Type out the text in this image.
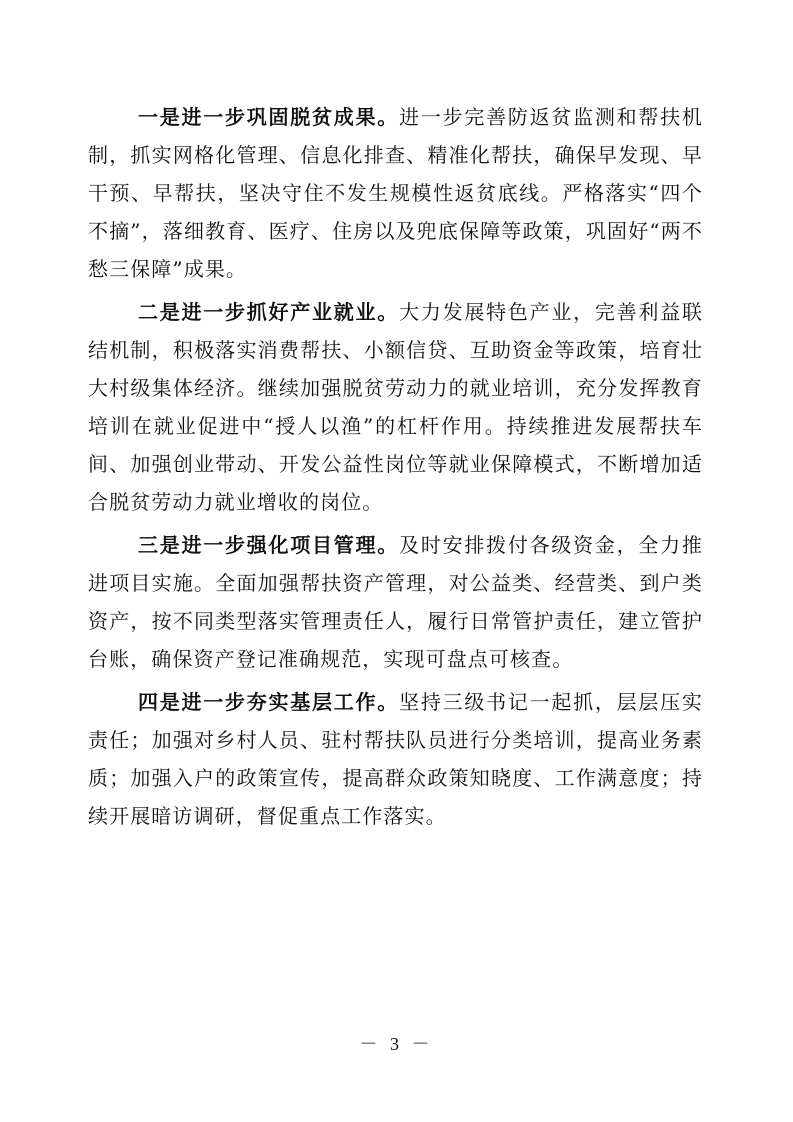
一是进一步巩固脱贫成果。进一步完善防返贫监测和帮扶机制，抓实网格化管理、信息化排查、精准化帮扶，确保早发现、早干预、早帮扶，坚决守住不发生规模性返贫底线。严格落实“四个不摘”，落细教育、医疗、住房以及兜底保障等政策，巩固好“两不愁三保障”成果。

二是进一步抓好产业就业。大力发展特色产业，完善利益联结机制，积极落实消费帮扶、小额信贷、互助资金等政策，培育壮大村级集体经济。继续加强脱贫劳动力的就业培训，充分发挥教育培训在就业促进中“授人以渔”的杠杆作用。持续推进发展帮扶车间、加强创业带动、开发公益性岗位等就业保障模式，不断增加适合脱贫劳动力就业增收的岗位。

三是进一步强化项目管理。及时安排拨付各级资金，全力推进项目实施。全面加强帮扶资产管理，对公益类、经营类、到户类资产，按不同类型落实管理责任人，履行日常管护责任，建立管护台账，确保资产登记准确规范，实现可盘点可核查。

四是进一步夯实基层工作。坚持三级书记一起抓，层层压实责任；加强对乡村人员、驻村帮扶队员进行分类培训，提高业务素质；加强入户的政策宣传，提高群众政策知晓度、工作满意度；持续开展暗访调研，督促重点工作落实。

－ 3 －
